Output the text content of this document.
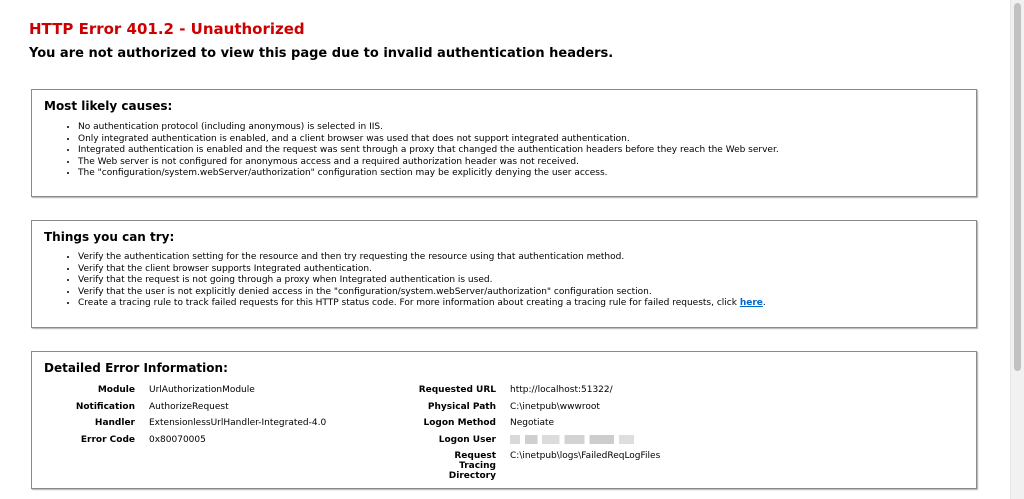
HTTP Error 401.2 - Unauthorized
You are not authorized to view this page due to invalid authentication headers.
Most likely causes:
• No authentication protocol (including anonymous) is selected in IIS.
• Only integrated authentication is enabled, and a client browser was used that does not support integrated authentication.
• Integrated authentication is enabled and the request was sent through a proxy that changed the authentication headers before they reach the Web server.
• The Web server is not configured for anonymous access and a required authorization header was not received.
• The "configuration/system.webServer/authorization" configuration section may be explicitly denying the user access.
Things you can try:
• Verify the authentication setting for the resource and then try requesting the resource using that authentication method.
• Verify that the client browser supports Integrated authentication.
• Verify that the request is not going through a proxy when Integrated authentication is used.
• Verify that the user is not explicitly denied access in the "configuration/system.webServer/authorization" configuration section.
• Create a tracing rule to track failed requests for this HTTP status code. For more information about creating a tracing rule for failed requests, click here.
Detailed Error Information:
Module	UrlAuthorizationModule
Notification	AuthorizeRequest
Handler	ExtensionlessUrlHandler-Integrated-4.0
Error Code	0x80070005
Requested URL	http://localhost:51322/
Physical Path	C:\inetpub\wwwroot
Logon Method	Negotiate
Logon User	
Request Tracing Directory	C:\inetpub\logs\FailedReqLogFiles
